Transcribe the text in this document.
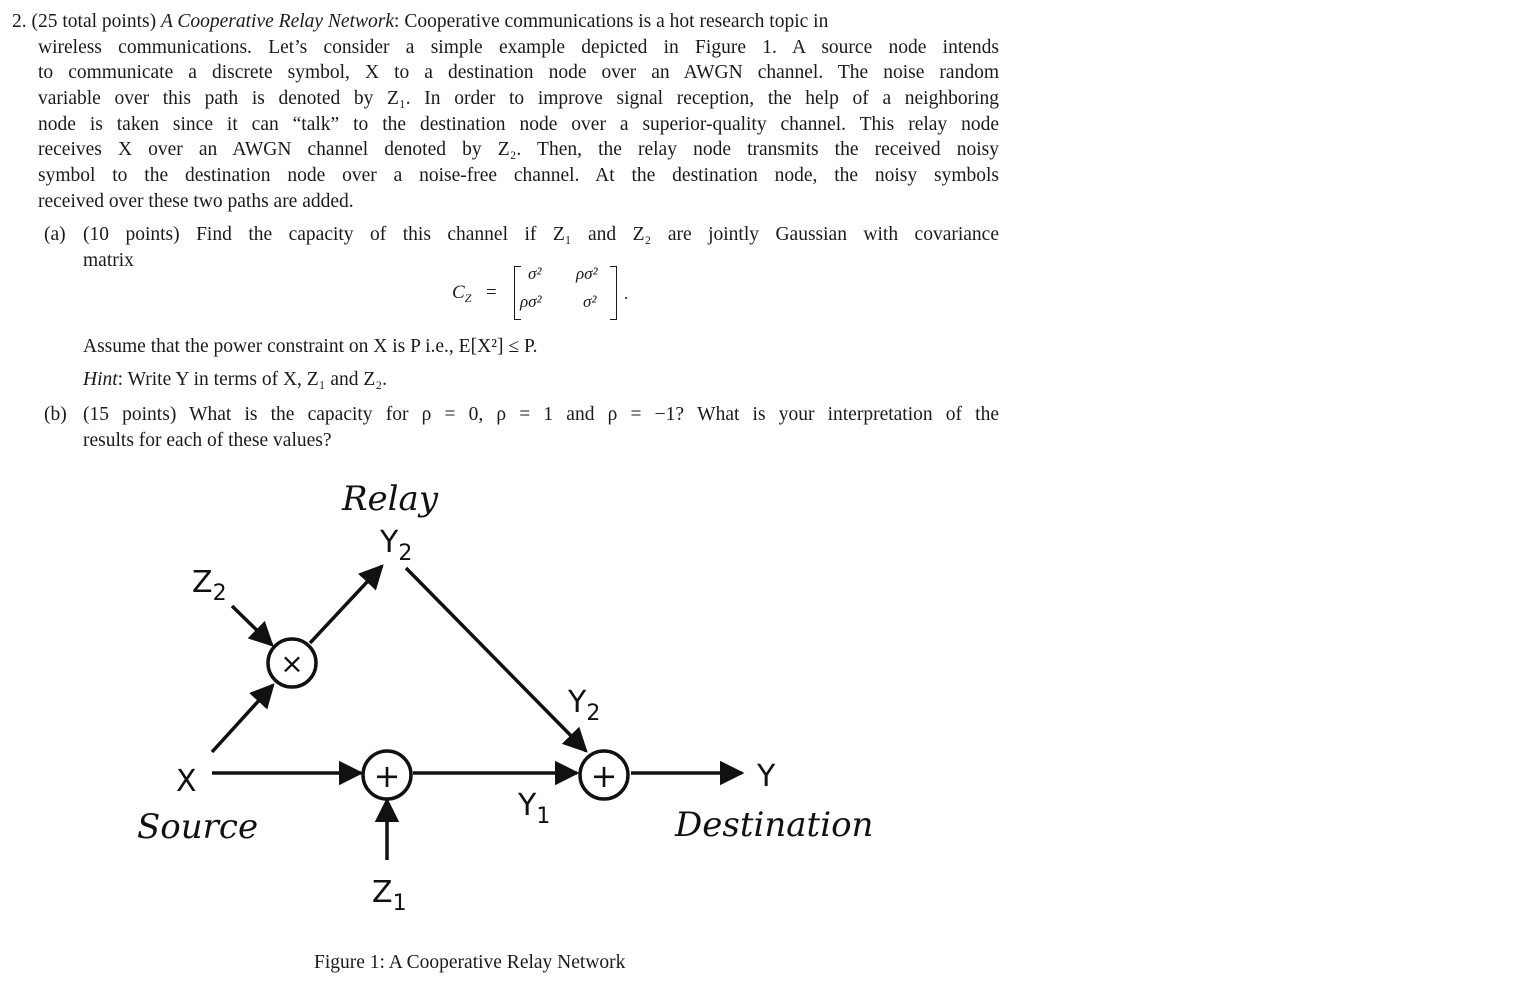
2. (25 total points) A Cooperative Relay Network: Cooperative communications is a hot research topic in
wireless communications. Let’s consider a simple example depicted in Figure 1. A source node intends
to communicate a discrete symbol, X to a destination node over an AWGN channel. The noise random
variable over this path is denoted by Z₁. In order to improve signal reception, the help of a neighboring
node is taken since it can “talk” to the destination node over a superior-quality channel. This relay node
receives X over an AWGN channel denoted by Z₂. Then, the relay node transmits the received noisy
symbol to the destination node over a noise-free channel. At the destination node, the noisy symbols
received over these two paths are added.
(a) (10 points) Find the capacity of this channel if Z₁ and Z₂ are jointly Gaussian with covariance
matrix
$C_Z$ =
σ² ρσ²
ρσ² σ² .
Assume that the power constraint on X is P i.e., E[X²] ≤ P.
Hint: Write Y in terms of X, Z₁ and Z₂.
(b) (15 points) What is the capacity for ρ = 0, ρ = 1 and ρ = −1? What is your interpretation of the
results for each of these values?
×
+	+
Relay
$Y_2$
$Z_2$
$Y_2$
X
Source
$Y_1$
$Z_1$
Y
Destination
Figure 1: A Cooperative Relay Network
